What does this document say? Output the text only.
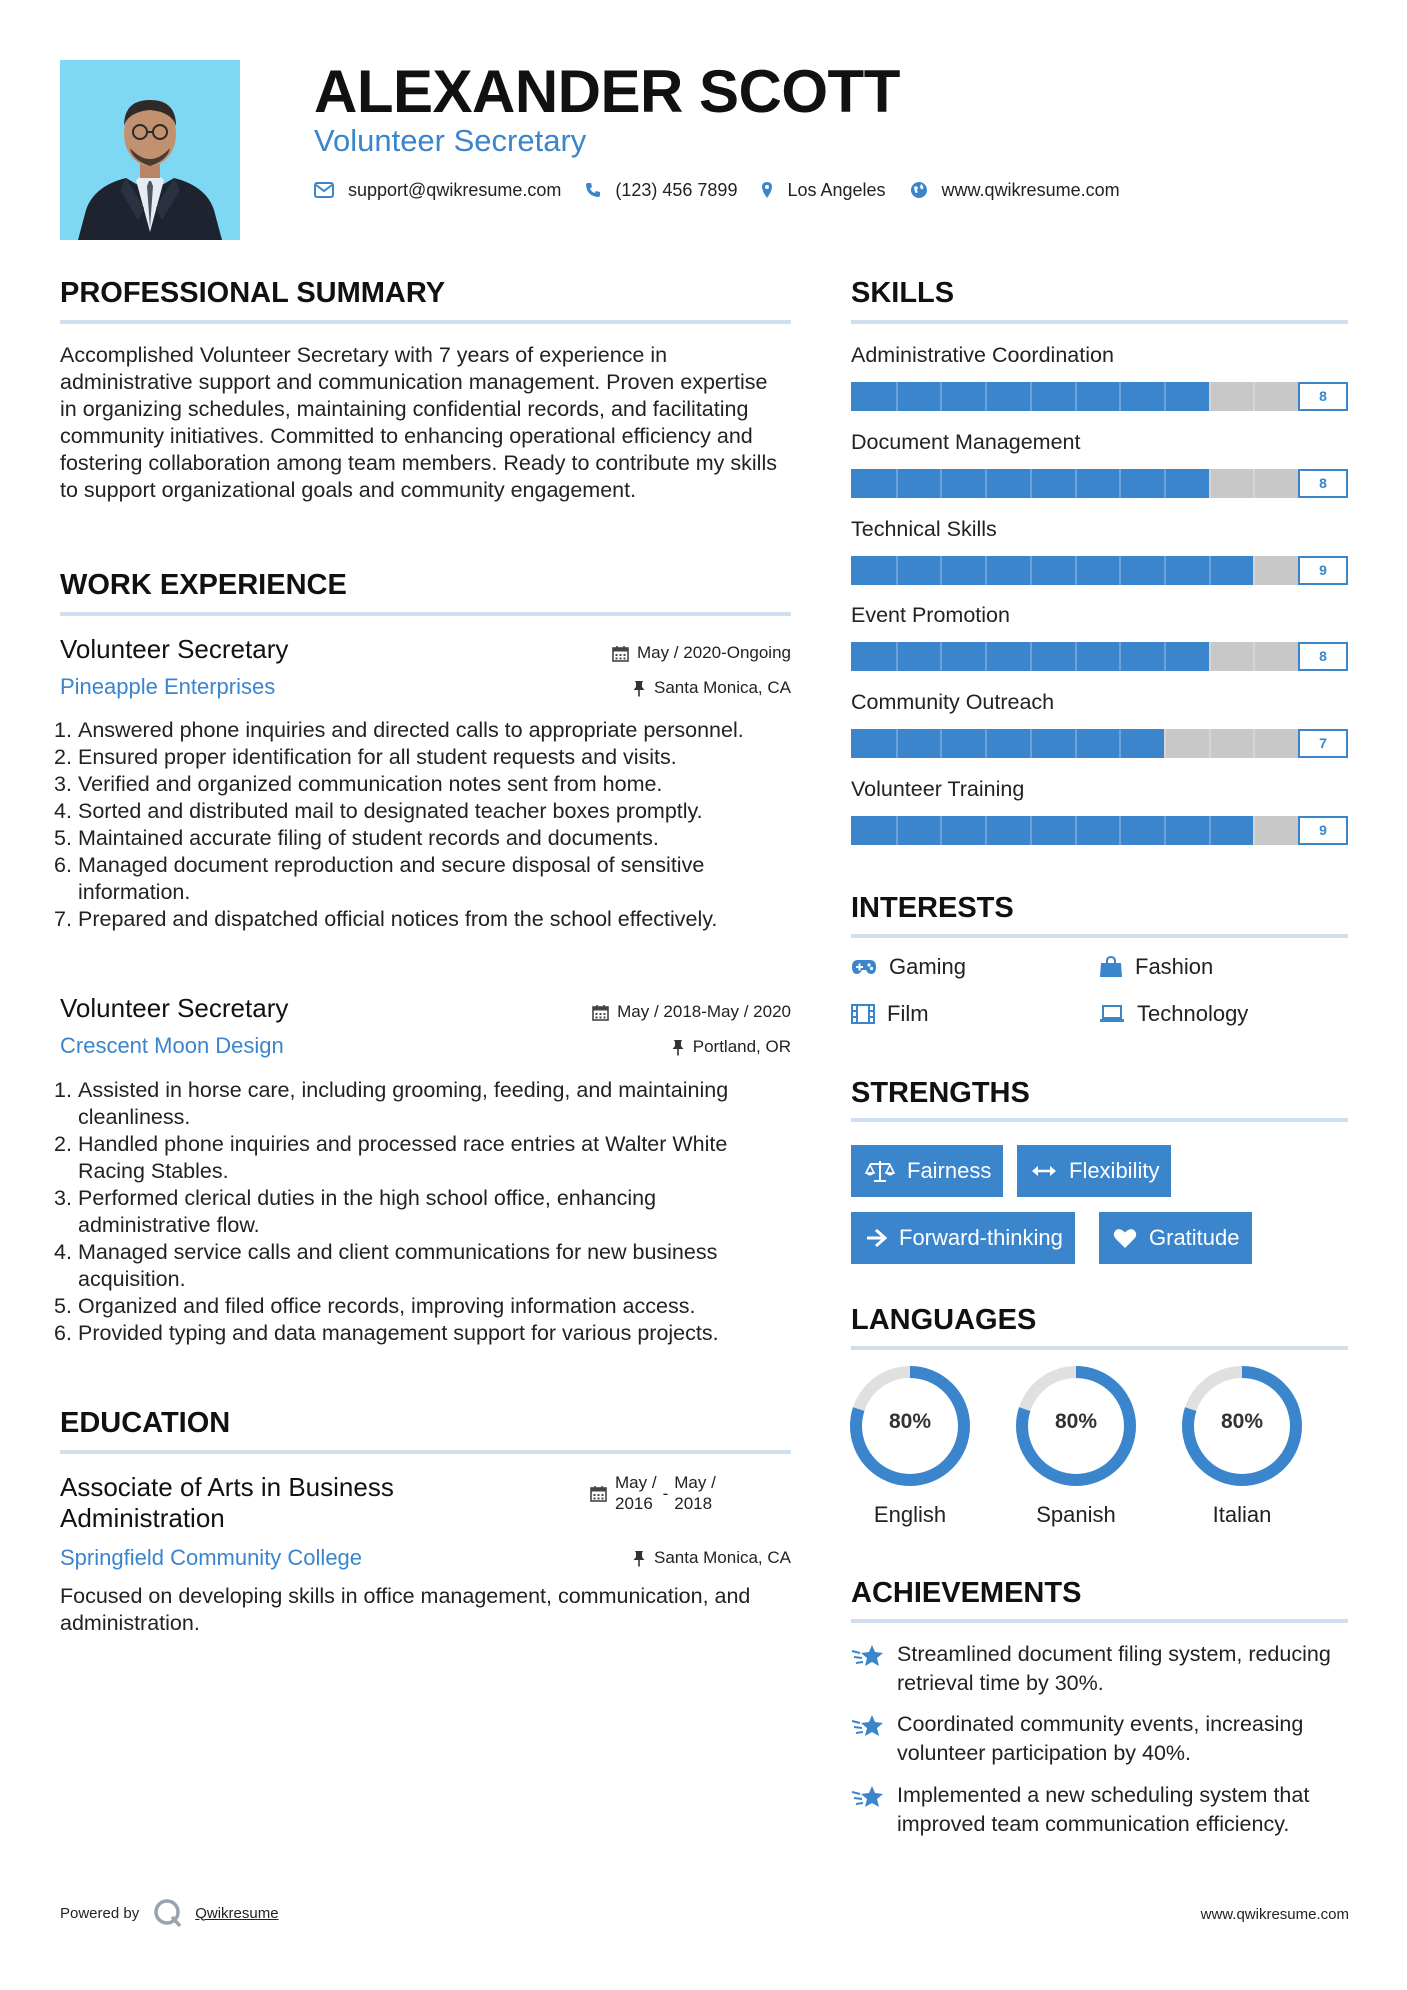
ALEXANDER SCOTT
Volunteer Secretary
support@qwikresume.com	(123) 456 7899	Los Angeles	www.qwikresume.com
PROFESSIONAL SUMMARY
Accomplished Volunteer Secretary with 7 years of experience in administrative support and communication management. Proven expertise in organizing schedules, maintaining confidential records, and facilitating community initiatives. Committed to enhancing operational efficiency and fostering collaboration among team members. Ready to contribute my skills to support organizational goals and community engagement.
WORK EXPERIENCE
Volunteer Secretary	May / 2020-Ongoing
Pineapple Enterprises	Santa Monica, CA
1. Answered phone inquiries and directed calls to appropriate personnel.
2. Ensured proper identification for all student requests and visits.
3. Verified and organized communication notes sent from home.
4. Sorted and distributed mail to designated teacher boxes promptly.
5. Maintained accurate filing of student records and documents.
6. Managed document reproduction and secure disposal of sensitive information.
7. Prepared and dispatched official notices from the school effectively.
Volunteer Secretary	May / 2018-May / 2020
Crescent Moon Design	Portland, OR
1. Assisted in horse care, including grooming, feeding, and maintaining cleanliness.
2. Handled phone inquiries and processed race entries at Walter White Racing Stables.
3. Performed clerical duties in the high school office, enhancing administrative flow.
4. Managed service calls and client communications for new business acquisition.
5. Organized and filed office records, improving information access.
6. Provided typing and data management support for various projects.
EDUCATION
Associate of Arts in Business
Administration
May /
2016
-
May /
2018
Springfield Community College	Santa Monica, CA
Focused on developing skills in office management, communication, and administration.
SKILLS
Administrative Coordination
8
Document Management
8
Technical Skills
9
Event Promotion
8
Community Outreach
7
Volunteer Training
9
INTERESTS
Gaming	Fashion
Film	Technology
STRENGTHS
Fairness	Flexibility
Forward-thinking	Gratitude
LANGUAGES
80%
English
80%
Spanish
80%
Italian
ACHIEVEMENTS
Streamlined document filing system, reducing retrieval time by 30%.
Coordinated community events, increasing volunteer participation by 40%.
Implemented a new scheduling system that improved team communication efficiency.
Powered by	Qwikresume	www.qwikresume.com
